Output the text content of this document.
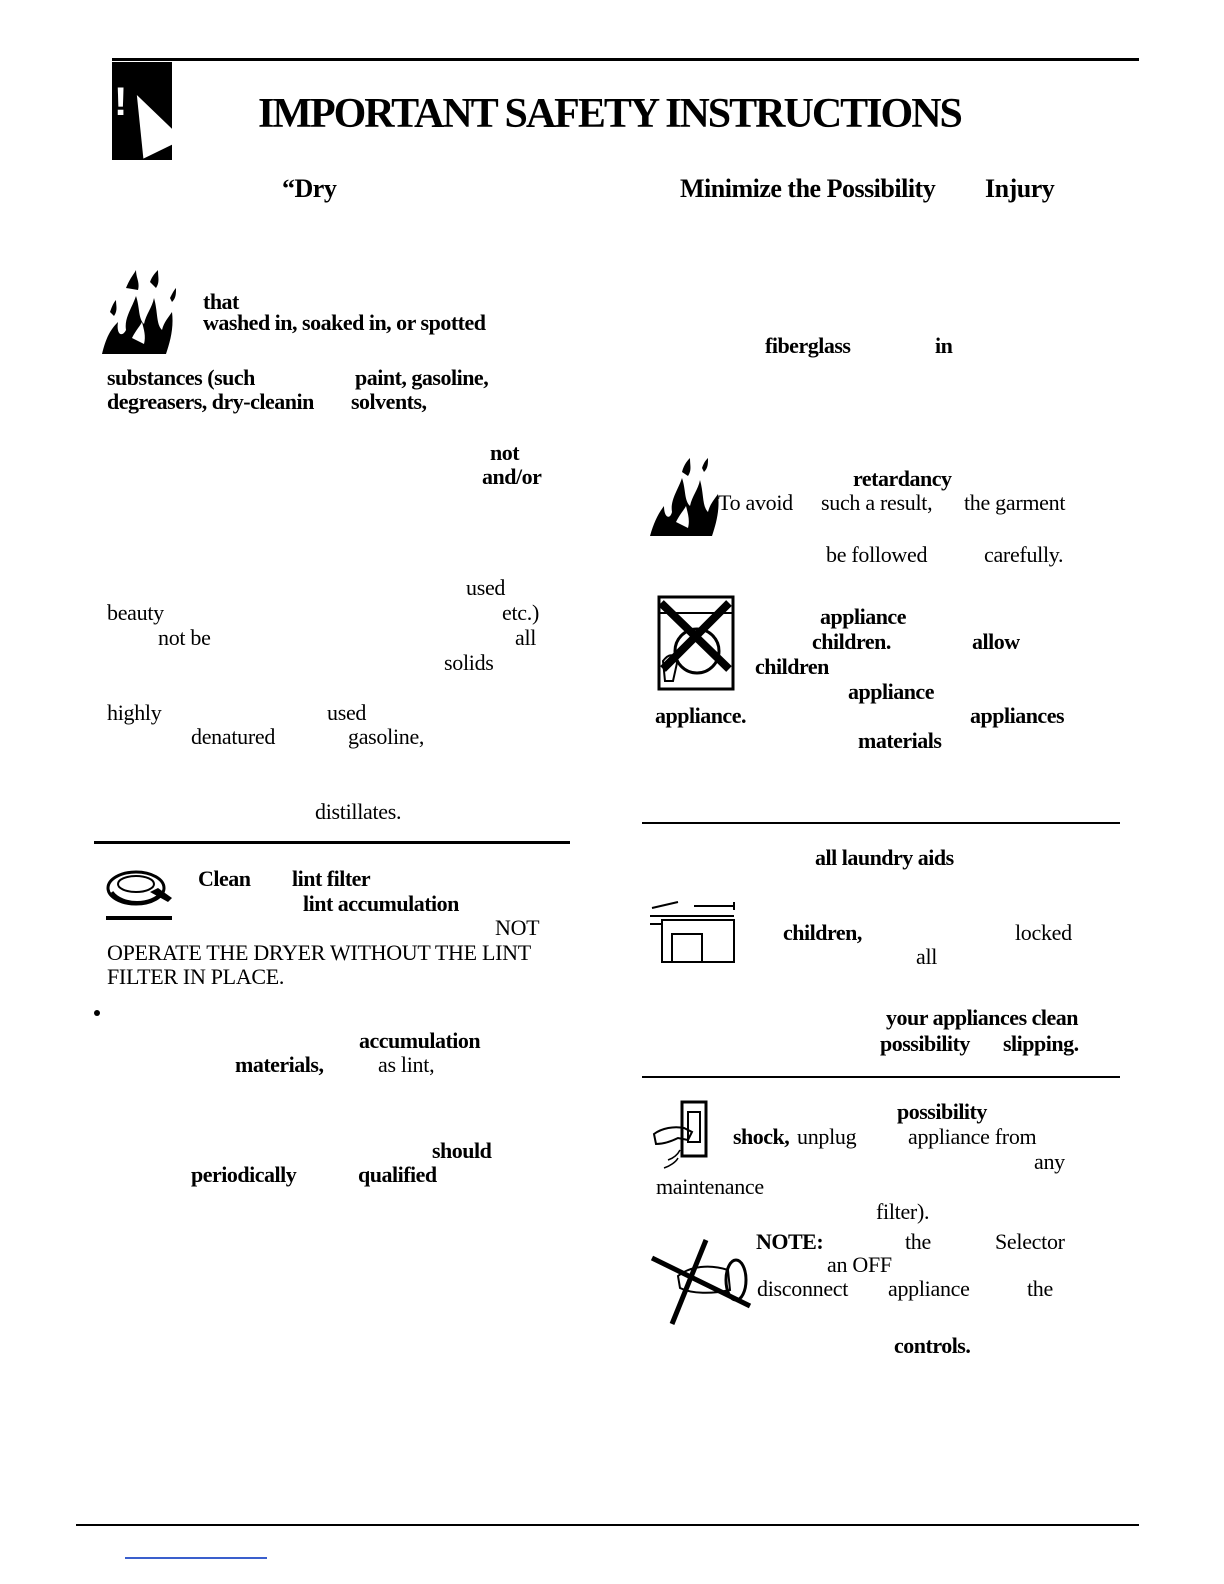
!	IMPORTANT SAFETY INSTRUCTIONS
“Dry
that
washed in, soaked in, or spotted
substances (such	paint, gasoline,
degreasers, dry-cleanin solvents,
not
and/or
used
beauty	etc.)
not be	all
solids
highly	used
denatured	gasoline,
distillates.
Clean lint filter
lint accumulation
NOT
OPERATE THE DRYER WITHOUT THE LINT
FILTER IN PLACE.
accumulation
materials, as lint,
should
periodically	qualified
Minimize the Possibility Injury
fiberglass	in
retardancy
To avoid such a result, the garment
be followed	carefully.
appliance
children.	allow
children
appliance
appliance.	appliances
materials
all laundry aids
children,	locked
all
your appliances clean
possibility slipping.
possibility
shock, unplug appliance from
any
maintenance
filter).
NOTE:	the	Selector
an OFF
disconnect appliance	the
controls.
